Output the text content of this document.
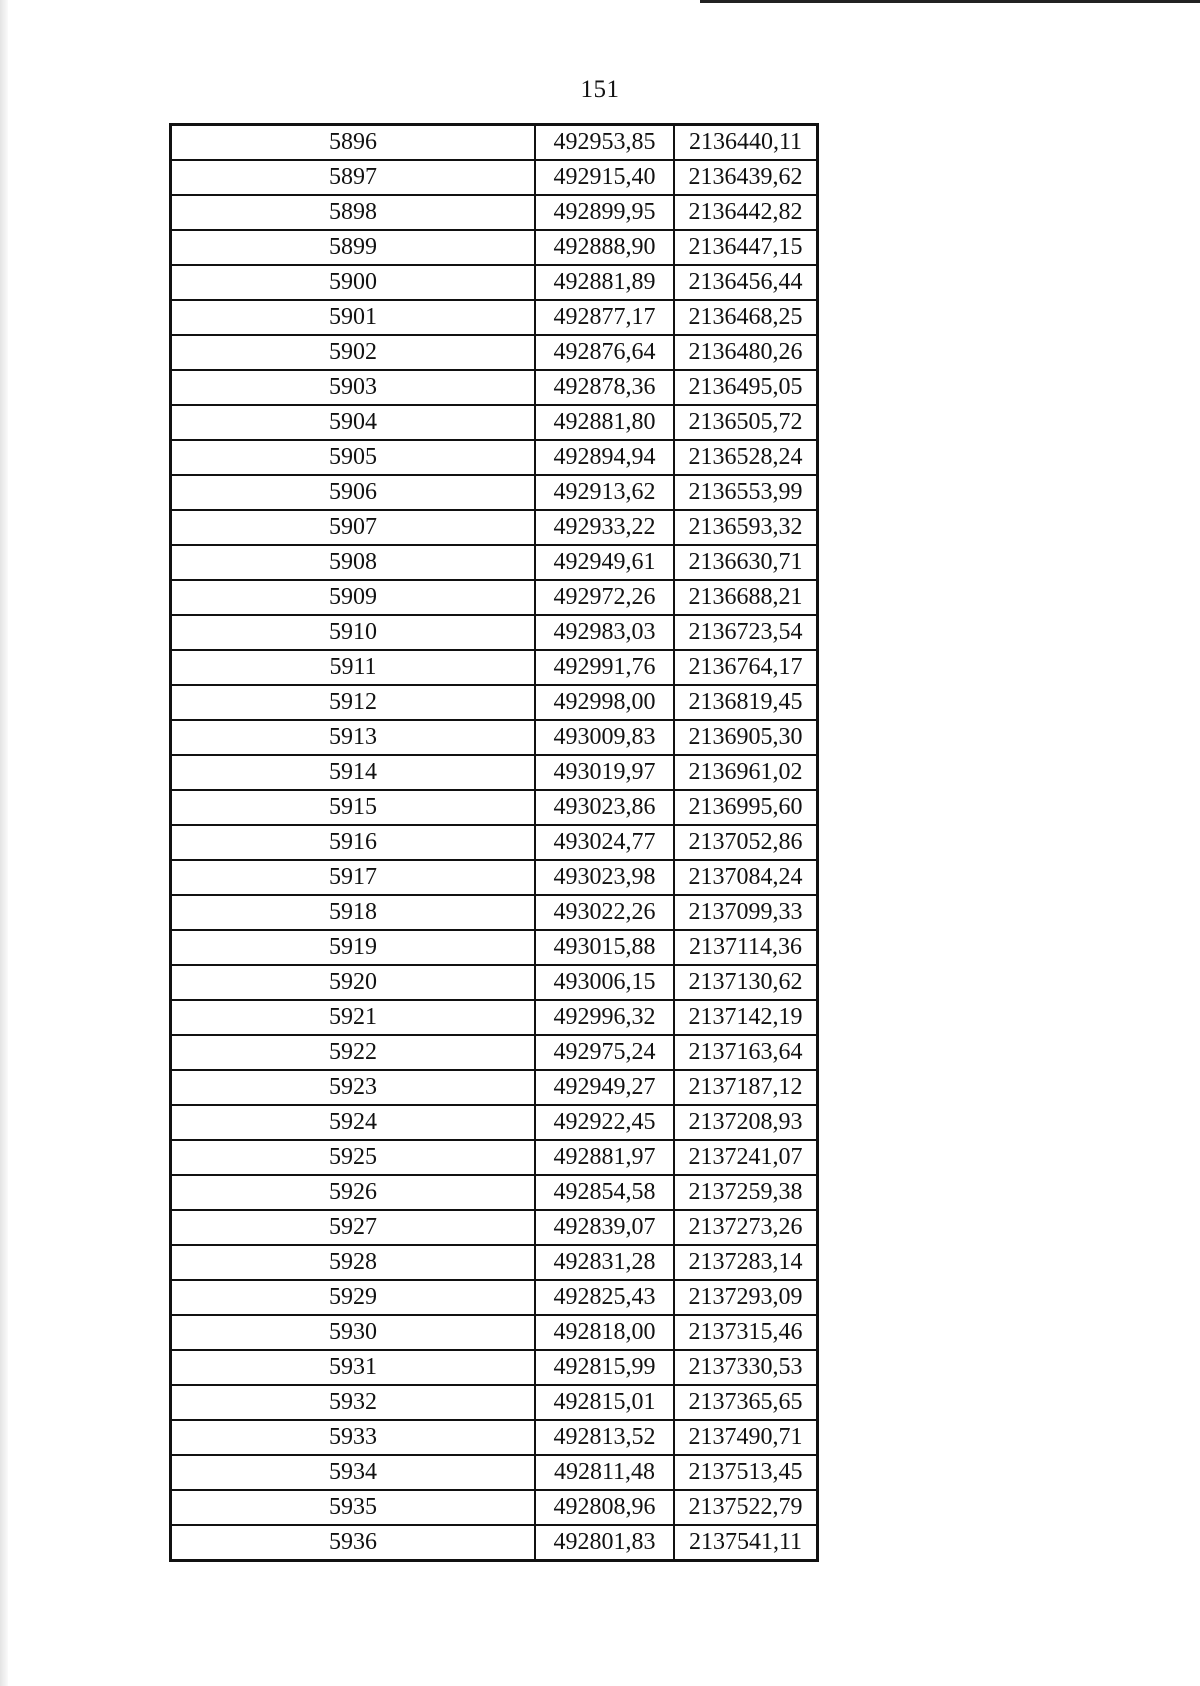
151
5896	492953,85	2136440,11
5897	492915,40	2136439,62
5898	492899,95	2136442,82
5899	492888,90	2136447,15
5900	492881,89	2136456,44
5901	492877,17	2136468,25
5902	492876,64	2136480,26
5903	492878,36	2136495,05
5904	492881,80	2136505,72
5905	492894,94	2136528,24
5906	492913,62	2136553,99
5907	492933,22	2136593,32
5908	492949,61	2136630,71
5909	492972,26	2136688,21
5910	492983,03	2136723,54
5911	492991,76	2136764,17
5912	492998,00	2136819,45
5913	493009,83	2136905,30
5914	493019,97	2136961,02
5915	493023,86	2136995,60
5916	493024,77	2137052,86
5917	493023,98	2137084,24
5918	493022,26	2137099,33
5919	493015,88	2137114,36
5920	493006,15	2137130,62
5921	492996,32	2137142,19
5922	492975,24	2137163,64
5923	492949,27	2137187,12
5924	492922,45	2137208,93
5925	492881,97	2137241,07
5926	492854,58	2137259,38
5927	492839,07	2137273,26
5928	492831,28	2137283,14
5929	492825,43	2137293,09
5930	492818,00	2137315,46
5931	492815,99	2137330,53
5932	492815,01	2137365,65
5933	492813,52	2137490,71
5934	492811,48	2137513,45
5935	492808,96	2137522,79
5936	492801,83	2137541,11
